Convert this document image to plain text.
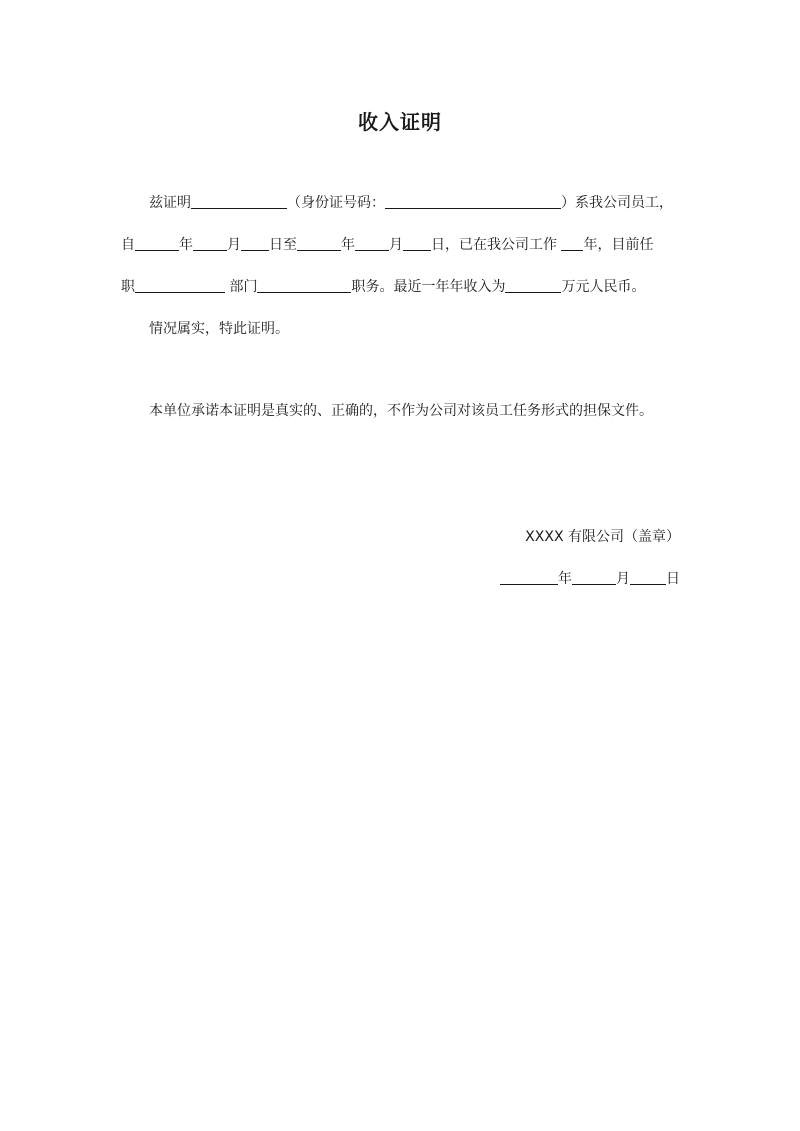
收入证明
兹证明	（身份证号码：	）系我公司员工，
自	年 月 日至	年 月 日，已在我公司工作 年，目前任
职	部门	职务。最近一年年收入为	万元人民币。
情况属实，特此证明。
本单位承诺本证明是真实的、正确的，不作为公司对该员工任务形式的担保文件。
XXXX 有限公司（盖章）
年	月	日
